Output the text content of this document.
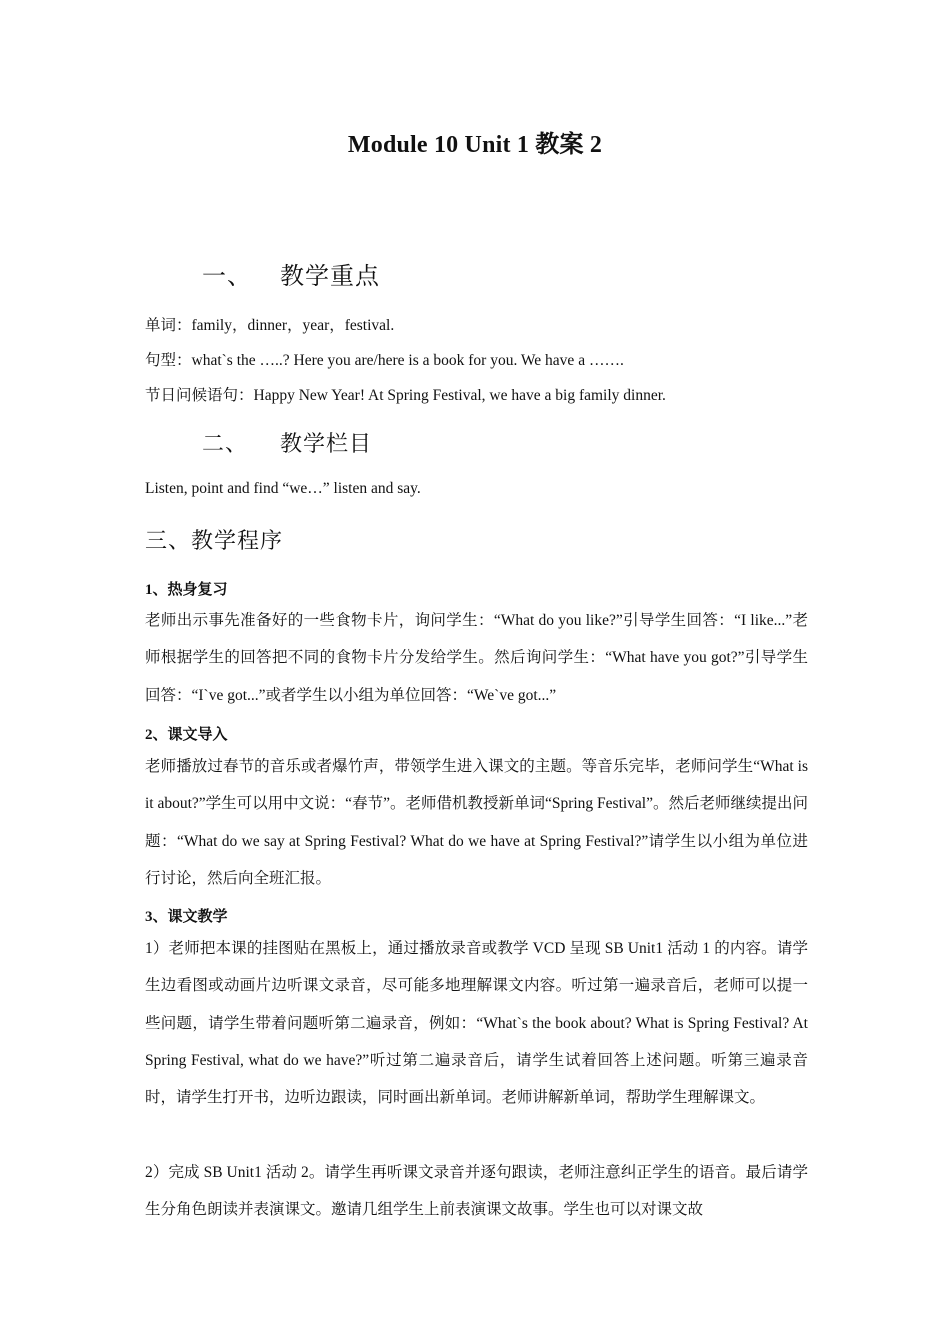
Module 10 Unit 1 教案 2
一、 教学重点
单词：family，dinner，year，festival.
句型：what`s the …..? Here you are/here is a book for you. We have a …….
节日问候语句：Happy New Year! At Spring Festival, we have a big family dinner.
二、 教学栏目
Listen, point and find “we…” listen and say.
三、教学程序
1、热身复习
老师出示事先准备好的一些食物卡片，询问学生：“What do you like?”引导学生回答：“I like...”老师根据学生的回答把不同的食物卡片分发给学生。然后询问学生：“What have you got?”引导学生回答：“I`ve got...”或者学生以小组为单位回答：“We`ve got...”
2、课文导入
老师播放过春节的音乐或者爆竹声，带领学生进入课文的主题。等音乐完毕，老师问学生“What is it about?”学生可以用中文说：“春节”。老师借机教授新单词“Spring Festival”。然后老师继续提出问题：“What do we say at Spring Festival? What do we have at Spring Festival?”请学生以小组为单位进行讨论，然后向全班汇报。
3、课文教学
1）老师把本课的挂图贴在黑板上，通过播放录音或教学 VCD 呈现 SB Unit1 活动 1 的内容。请学生边看图或动画片边听课文录音，尽可能多地理解课文内容。听过第一遍录音后，老师可以提一些问题，请学生带着问题听第二遍录音，例如：“What`s the book about? What is Spring Festival? At Spring Festival, what do we have?”听过第二遍录音后，请学生试着回答上述问题。听第三遍录音时，请学生打开书，边听边跟读，同时画出新单词。老师讲解新单词，帮助学生理解课文。
2）完成 SB Unit1 活动 2。请学生再听课文录音并逐句跟读，老师注意纠正学生的语音。最后请学生分角色朗读并表演课文。邀请几组学生上前表演课文故事。学生也可以对课文故
